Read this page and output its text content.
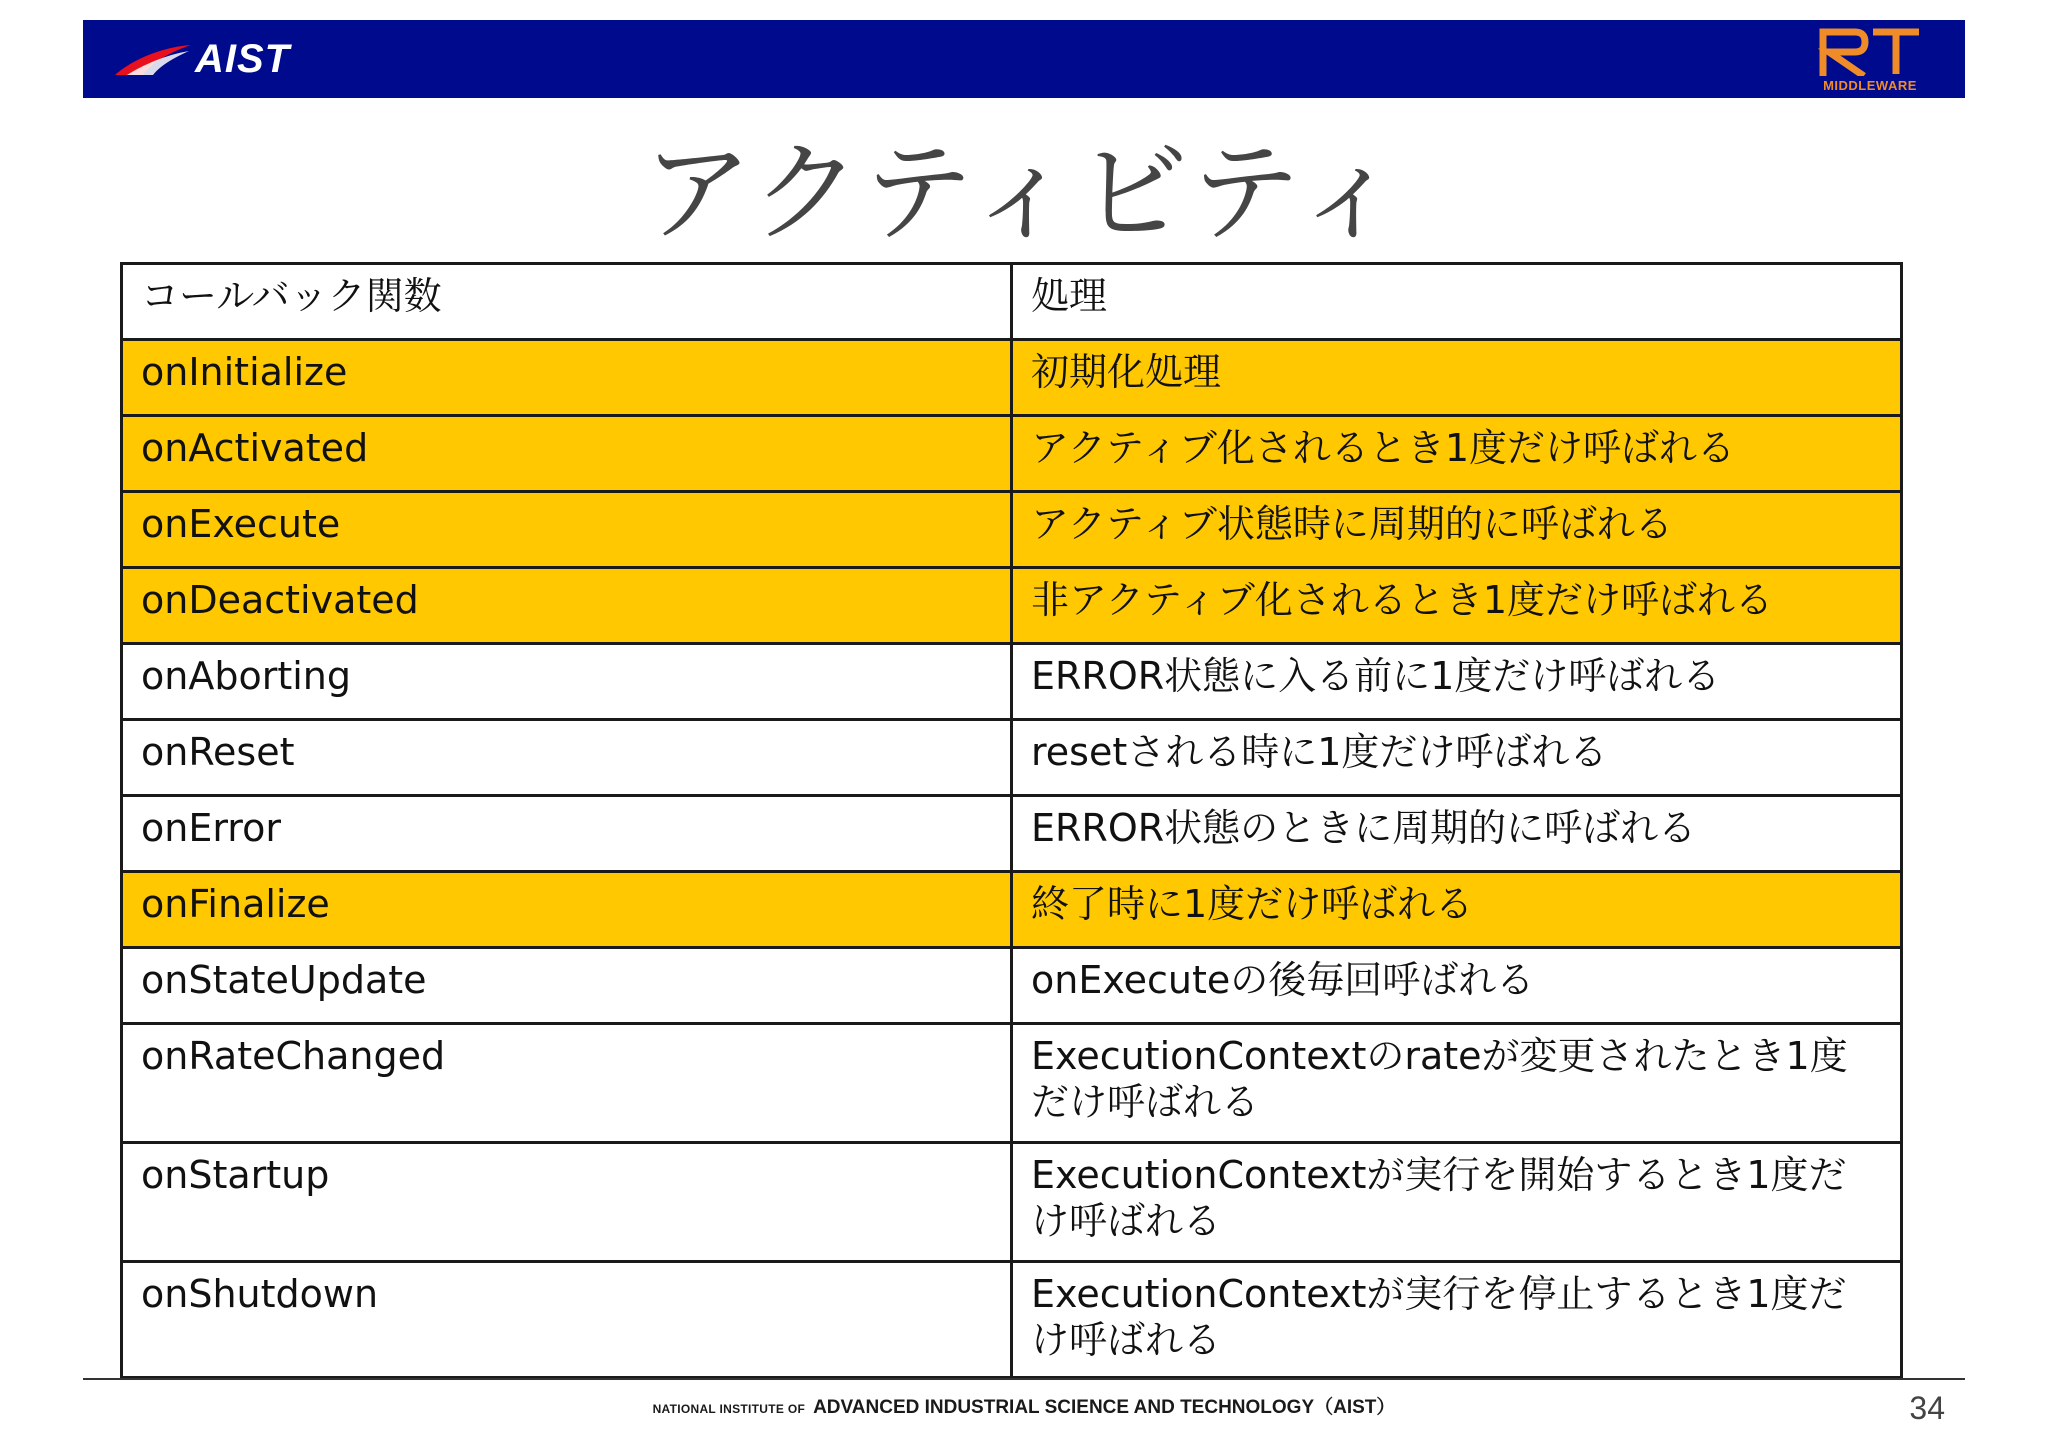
AIST
MIDDLEWARE
アクティビティ
コールバック関数	処理
onInitialize	初期化処理
onActivated	アクティブ化されるとき1度だけ呼ばれる
onExecute	アクティブ状態時に周期的に呼ばれる
onDeactivated	非アクティブ化されるとき1度だけ呼ばれる
onAborting	ERROR状態に入る前に1度だけ呼ばれる
onReset	resetされる時に1度だけ呼ばれる
onError	ERROR状態のときに周期的に呼ばれる
onFinalize	終了時に1度だけ呼ばれる
onStateUpdate	onExecuteの後毎回呼ばれる
onRateChanged	ExecutionContextのrateが変更されたとき1度だけ呼ばれる
onStartup	ExecutionContextが実行を開始するとき1度だけ呼ばれる
onShutdown	ExecutionContextが実行を停止するとき1度だけ呼ばれる
NATIONAL INSTITUTE OF ADVANCED INDUSTRIAL SCIENCE AND TECHNOLOGY（AIST）	34
